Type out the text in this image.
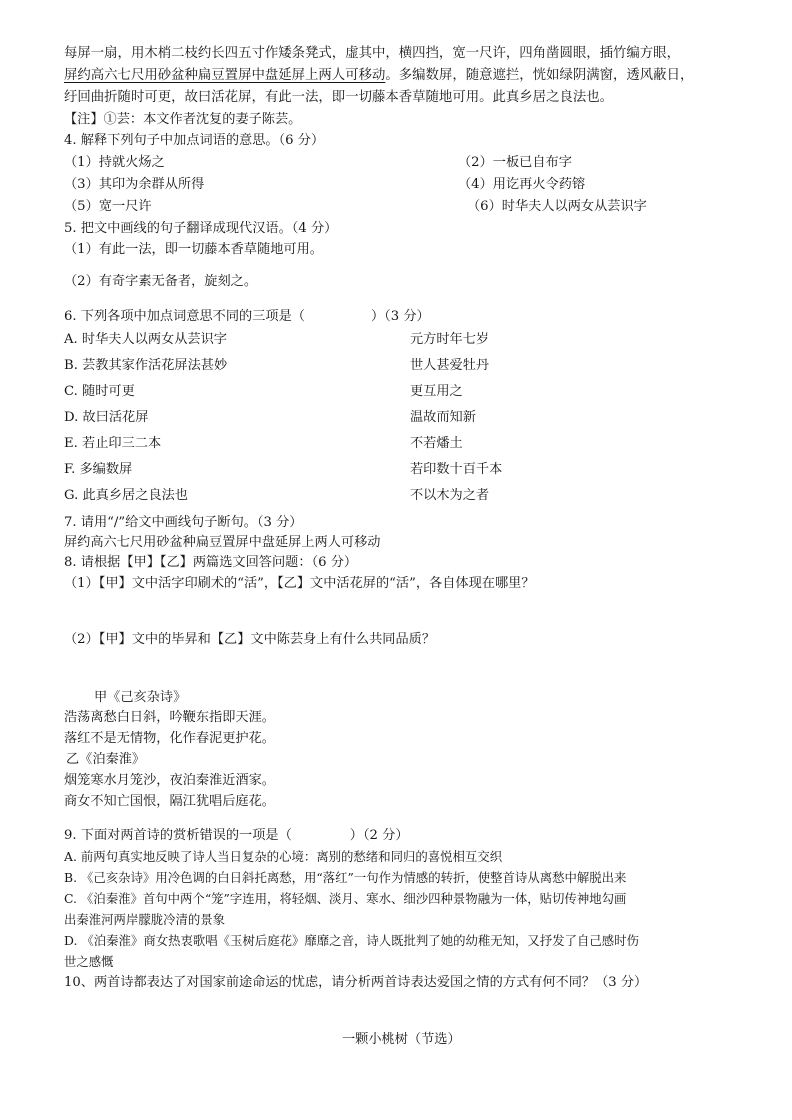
每屏一扇，用木梢二枝约长四五寸作矮条凳式，虚其中，横四挡，宽一尺许，四角凿圆眼，插竹编方眼，
屏约高六七尺用砂盆种扁豆置屏中盘延屏上两人可移动。多编数屏，随意遮拦，恍如绿阴满窗，透风蔽日，
纡回曲折随时可更，故曰活花屏，有此一法，即一切藤本香草随地可用。此真乡居之良法也。
【注】①芸：本文作者沈复的妻子陈芸。
4. 解释下列句子中加点词语的意思。（6 分）
（1）持就火炀之	（2）一板已自布字
（3）其印为余群从所得	（4）用讫再火令药镕
（5）宽一尺许	（6）时华夫人以两女从芸识字
5. 把文中画线的句子翻译成现代汉语。（4 分）
（1）有此一法，即一切藤本香草随地可用。
（2）有奇字素无备者，旋刻之。
6. 下列各项中加点词意思不同的三项是（	）（3 分）
A. 时华夫人以两女从芸识字	元方时年七岁
B. 芸教其家作活花屏法甚妙	世人甚爱牡丹
C. 随时可更	更互用之
D. 故曰活花屏	温故而知新
E. 若止印三二本	不若燔土
F. 多编数屏	若印数十百千本
G. 此真乡居之良法也	不以木为之者
7. 请用“/”给文中画线句子断句。（3 分）
屏约高六七尺用砂盆种扁豆置屏中盘延屏上两人可移动
8. 请根据【甲】【乙】两篇选文回答问题：（6 分）
（1）【甲】文中活字印刷术的“活”，【乙】文中活花屏的“活”，各自体现在哪里？
（2）【甲】文中的毕昇和【乙】文中陈芸身上有什么共同品质？
甲《己亥杂诗》
浩荡离愁白日斜，吟鞭东指即天涯。
落红不是无情物，化作春泥更护花。
乙《泊秦淮》
烟笼寒水月笼沙，夜泊秦淮近酒家。
商女不知亡国恨，隔江犹唱后庭花。
9. 下面对两首诗的赏析错误的一项是（	）（2 分）
A. 前两句真实地反映了诗人当日复杂的心境：离别的愁绪和同归的喜悦相互交织
B. 《己亥杂诗》用冷色调的白日斜托离愁，用“落红”一句作为情感的转折，使整首诗从离愁中解脱出来
C. 《泊秦淮》首句中两个“笼”字连用，将轻烟、淡月、寒水、细沙四种景物融为一体，贴切传神地勾画
出秦淮河两岸朦胧冷清的景象
D. 《泊秦淮》商女热衷歌唱《玉树后庭花》靡靡之音，诗人既批判了她的幼稚无知，又抒发了自己感时伤
世之感慨
10、两首诗都表达了对国家前途命运的忧虑，请分析两首诗表达爱国之情的方式有何不同？（3 分）
一颗小桃树（节选）
